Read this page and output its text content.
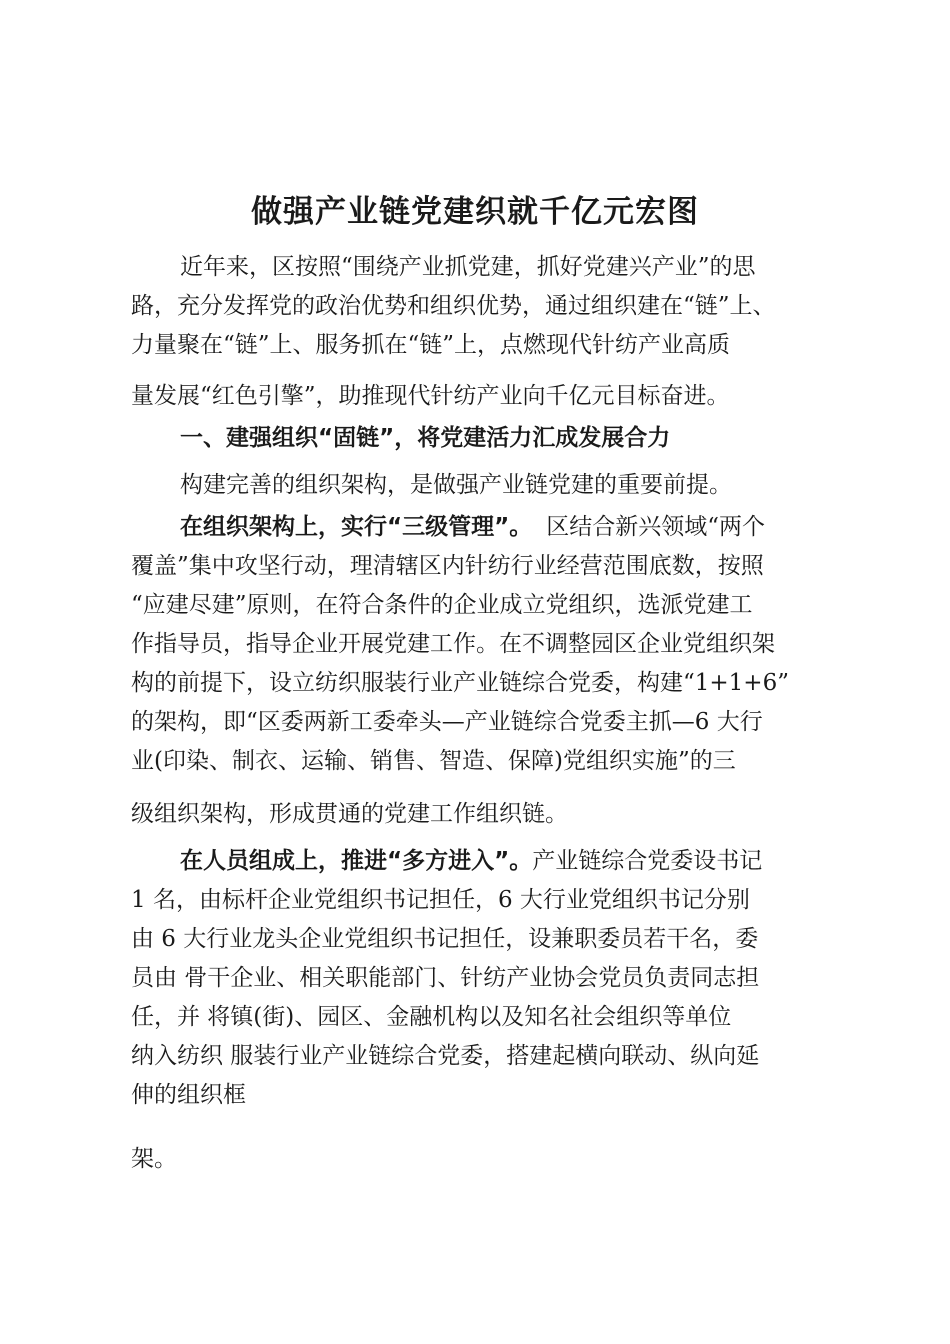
做强产业链党建织就千亿元宏图
近年来，区按照“围绕产业抓党建，抓好党建兴产业”的思
路，充分发挥党的政治优势和组织优势，通过组织建在“链”上、
力量聚在“链”上、服务抓在“链”上，点燃现代针纺产业高质
量发展“红色引擎”，助推现代针纺产业向千亿元目标奋进。
一、建强组织“固链”，将党建活力汇成发展合力
构建完善的组织架构，是做强产业链党建的重要前提。
在组织架构上，实行“三级管理”。 区结合新兴领域“两个
覆盖”集中攻坚行动，理清辖区内针纺行业经营范围底数，按照
“应建尽建”原则，在符合条件的企业成立党组织，选派党建工
作指导员，指导企业开展党建工作。在不调整园区企业党组织架
构的前提下，设立纺织服装行业产业链综合党委，构建“1+1+6”
的架构，即“区委两新工委牵头—产业链综合党委主抓—6 大行
业(印染、制衣、运输、销售、智造、保障)党组织实施”的三
级组织架构，形成贯通的党建工作组织链。
在人员组成上，推进“多方进入”。产业链综合党委设书记
1 名，由标杆企业党组织书记担任，6 大行业党组织书记分别
由 6 大行业龙头企业党组织书记担任，设兼职委员若干名，委
员由 骨干企业、相关职能部门、针纺产业协会党员负责同志担
任，并 将镇(街)、园区、金融机构以及知名社会组织等单位
纳入纺织 服装行业产业链综合党委，搭建起横向联动、纵向延
伸的组织框
架。
